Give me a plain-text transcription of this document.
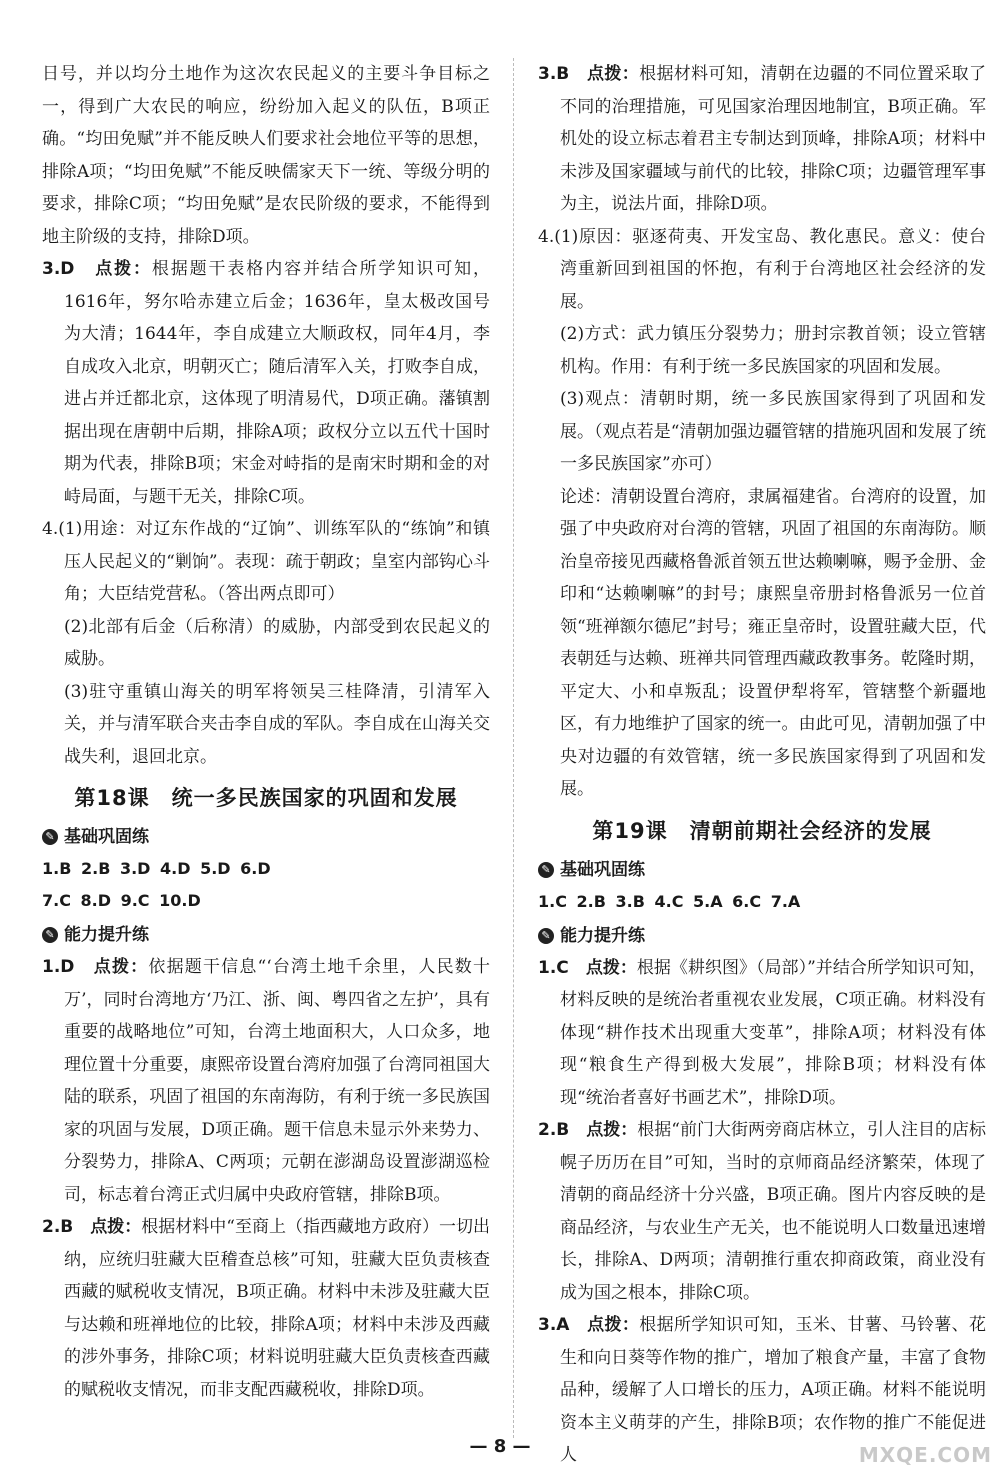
日号，并以均分土地作为这次农民起义的主要斗争目标之一，得到广大农民的响应，纷纷加入起义的队伍，B项正确。“均田免赋”并不能反映人们要求社会地位平等的思想，排除A项；“均田免赋”不能反映儒家天下一统、等级分明的要求，排除C项；“均田免赋”是农民阶级的要求，不能得到地主阶级的支持，排除D项。

3.D　 点拨：根据题干表格内容并结合所学知识可知，1616年，努尔哈赤建立后金；1636年，皇太极改国号为大清；1644年，李自成建立大顺政权，同年4月，李自成攻入北京，明朝灭亡；随后清军入关，打败李自成，进占并迁都北京，这体现了明清易代，D项正确。藩镇割据出现在唐朝中后期，排除A项；政权分立以五代十国时期为代表，排除B项；宋金对峙指的是南宋时期和金的对峙局面，与题干无关，排除C项。

4.(1)用途：对辽东作战的“辽饷”、训练军队的“练饷”和镇压人民起义的“剿饷”。表现：疏于朝政；皇室内部钩心斗角；大臣结党营私。（答出两点即可）

(2)北部有后金（后称清）的威胁，内部受到农民起义的威胁。

(3)驻守重镇山海关的明军将领吴三桂降清，引清军入关，并与清军联合夹击李自成的军队。李自成在山海关交战失利，退回北京。

第18课　统一多民族国家的巩固和发展
✎ 基础巩固练

1.B 2.B 3.D 4.D 5.D 6.D

7.C 8.D 9.C 10.D

✎ 能力提升练

1.D　 点拨：依据题干信息“‘台湾土地千余里，人民数十万’，同时台湾地方‘乃江、浙、闽、粤四省之左护’，具有重要的战略地位”可知，台湾土地面积大，人口众多，地理位置十分重要，康熙帝设置台湾府加强了台湾同祖国大陆的联系，巩固了祖国的东南海防，有利于统一多民族国家的巩固与发展，D项正确。题干信息未显示外来势力、分裂势力，排除A、C两项；元朝在澎湖岛设置澎湖巡检司，标志着台湾正式归属中央政府管辖，排除B项。

2.B　 点拨：根据材料中“至商上（指西藏地方政府）一切出纳，应统归驻藏大臣稽查总核”可知，驻藏大臣负责核查西藏的赋税收支情况，B项正确。材料中未涉及驻藏大臣与达赖和班禅地位的比较，排除A项；材料中未涉及西藏的涉外事务，排除C项；材料说明驻藏大臣负责核查西藏的赋税收支情况，而非支配西藏税收，排除D项。

3.B　 点拨：根据材料可知，清朝在边疆的不同位置采取了不同的治理措施，可见国家治理因地制宜，B项正确。军机处的设立标志着君主专制达到顶峰，排除A项；材料中未涉及国家疆域与前代的比较，排除C项；边疆管理军事为主，说法片面，排除D项。

4.(1)原因：驱逐荷夷、开发宝岛、教化惠民。意义：使台湾重新回到祖国的怀抱，有利于台湾地区社会经济的发展。

(2)方式：武力镇压分裂势力；册封宗教首领；设立管辖机构。作用：有利于统一多民族国家的巩固和发展。

(3)观点：清朝时期，统一多民族国家得到了巩固和发展。（观点若是“清朝加强边疆管辖的措施巩固和发展了统一多民族国家”亦可）

论述：清朝设置台湾府，隶属福建省。台湾府的设置，加强了中央政府对台湾的管辖，巩固了祖国的东南海防。顺治皇帝接见西藏格鲁派首领五世达赖喇嘛，赐予金册、金印和“达赖喇嘛”的封号；康熙皇帝册封格鲁派另一位首领“班禅额尔德尼”封号；雍正皇帝时，设置驻藏大臣，代表朝廷与达赖、班禅共同管理西藏政教事务。乾隆时期，平定大、小和卓叛乱；设置伊犁将军，管辖整个新疆地区，有力地维护了国家的统一。由此可见，清朝加强了中央对边疆的有效管辖，统一多民族国家得到了巩固和发展。

第19课　清朝前期社会经济的发展
✎ 基础巩固练

1.C 2.B 3.B 4.C 5.A 6.C 7.A

✎ 能力提升练

1.C　 点拨：根据《耕织图》（局部）”并结合所学知识可知，材料反映的是统治者重视农业发展，C项正确。材料没有体现“耕作技术出现重大变革”，排除A项；材料没有体现“粮食生产得到极大发展”，排除B项；材料没有体现“统治者喜好书画艺术”，排除D项。

2.B　 点拨：根据“前门大街两旁商店林立，引人注目的店标幌子历历在目”可知，当时的京师商品经济繁荣，体现了清朝的商品经济十分兴盛，B项正确。图片内容反映的是商品经济，与农业生产无关，也不能说明人口数量迅速增长，排除A、D两项；清朝推行重农抑商政策，商业没有成为国之根本，排除C项。

3.A　 点拨：根据所学知识可知，玉米、甘薯、马铃薯、花生和向日葵等作物的推广，增加了粮食产量，丰富了食物品种，缓解了人口增长的压力，A项正确。材料不能说明资本主义萌芽的产生，排除B项；农作物的推广不能促进人

— 8 —	MXQE.COM
